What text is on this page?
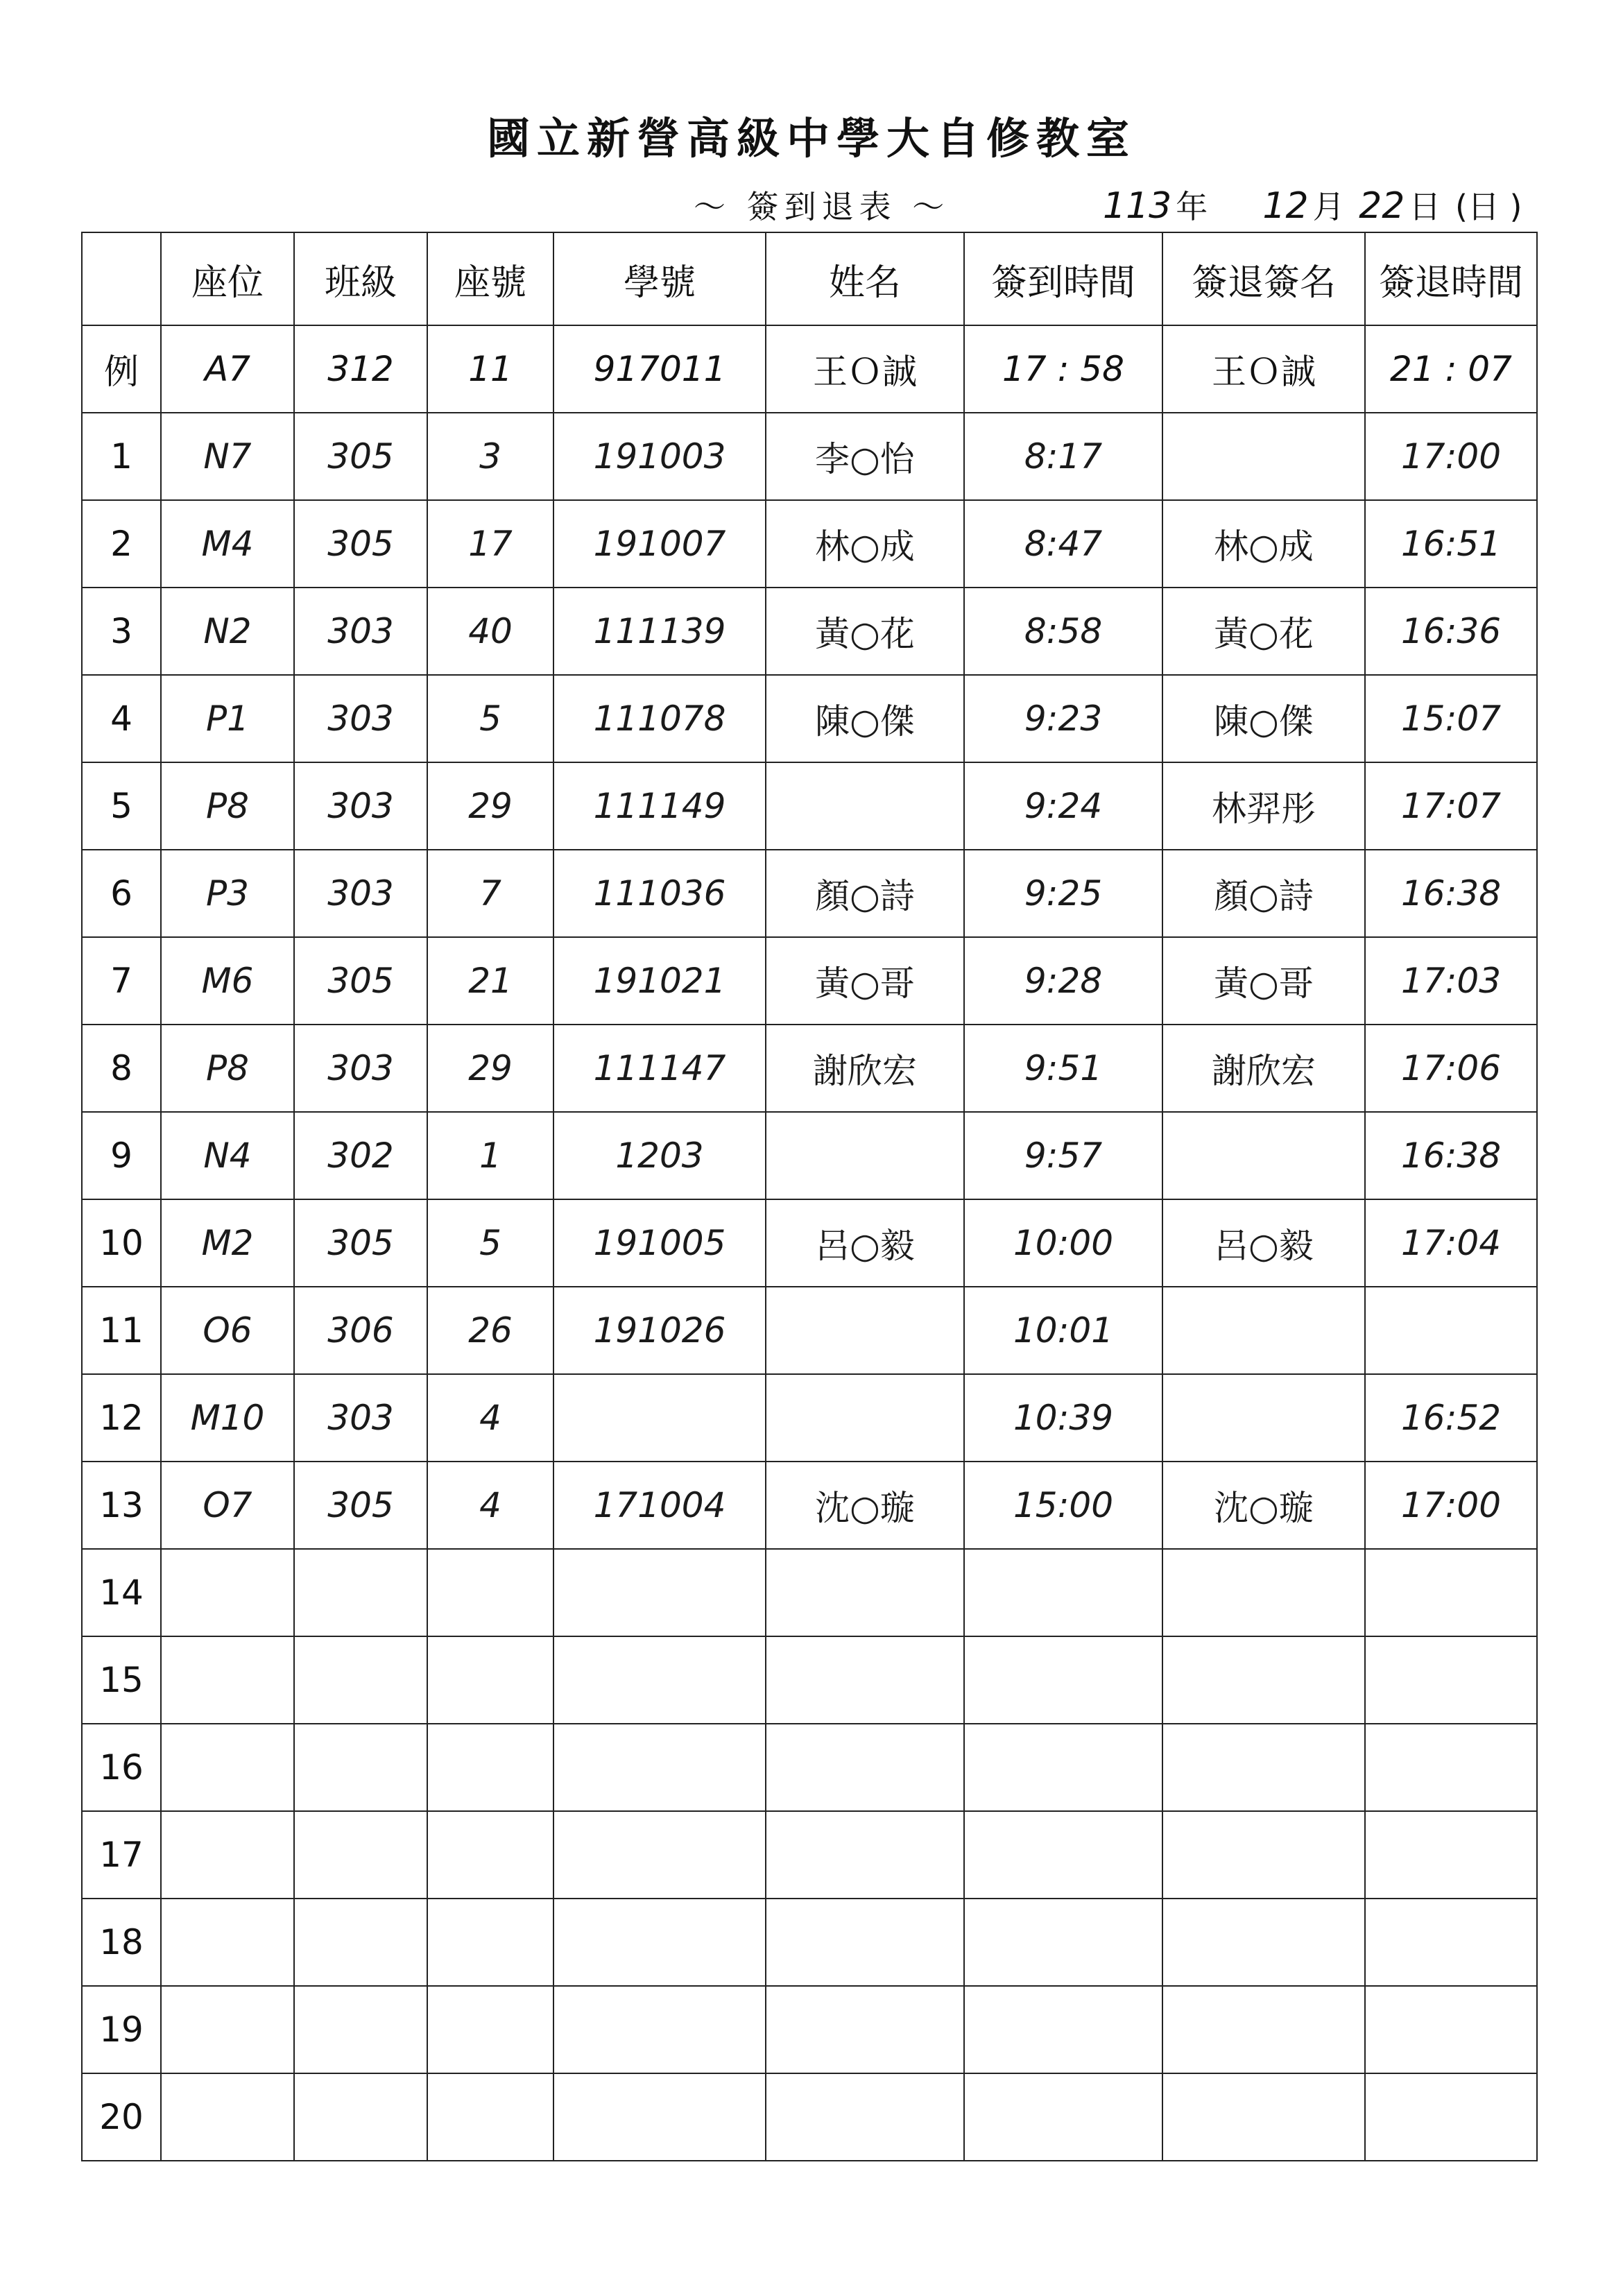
國立新營高級中學大自修教室
～ 簽到退表 ～	113 年 12 月 22 日 (日 )
	座位	班級	座號	學號	姓名	簽到時間	簽退簽名	簽退時間
例	A7	312	11	917011	王Ｏ誠	17 : 58	王Ｏ誠	21 : 07
1	N7	305	3	191003	李○怡	8:17		17:00
2	M4	305	17	191007	林○成	8:47	林○成	16:51
3	N2	303	40	111139	黃○花	8:58	黃○花	16:36
4	P1	303	5	111078	陳○傑	9:23	陳○傑	15:07
5	P8	303	29	111149		9:24	林羿彤	17:07
6	P3	303	7	111036	顏○詩	9:25	顏○詩	16:38
7	M6	305	21	191021	黃○哥	9:28	黃○哥	17:03
8	P8	303	29	111147	謝欣宏	9:51	謝欣宏	17:06
9	N4	302	1	1203		9:57		16:38
10	M2	305	5	191005	呂○毅	10:00	呂○毅	17:04
11	O6	306	26	191026		10:01		
12	M10	303	4			10:39		16:52
13	O7	305	4	171004	沈○璇	15:00	沈○璇	17:00
14								
15								
16								
17								
18								
19								
20								
